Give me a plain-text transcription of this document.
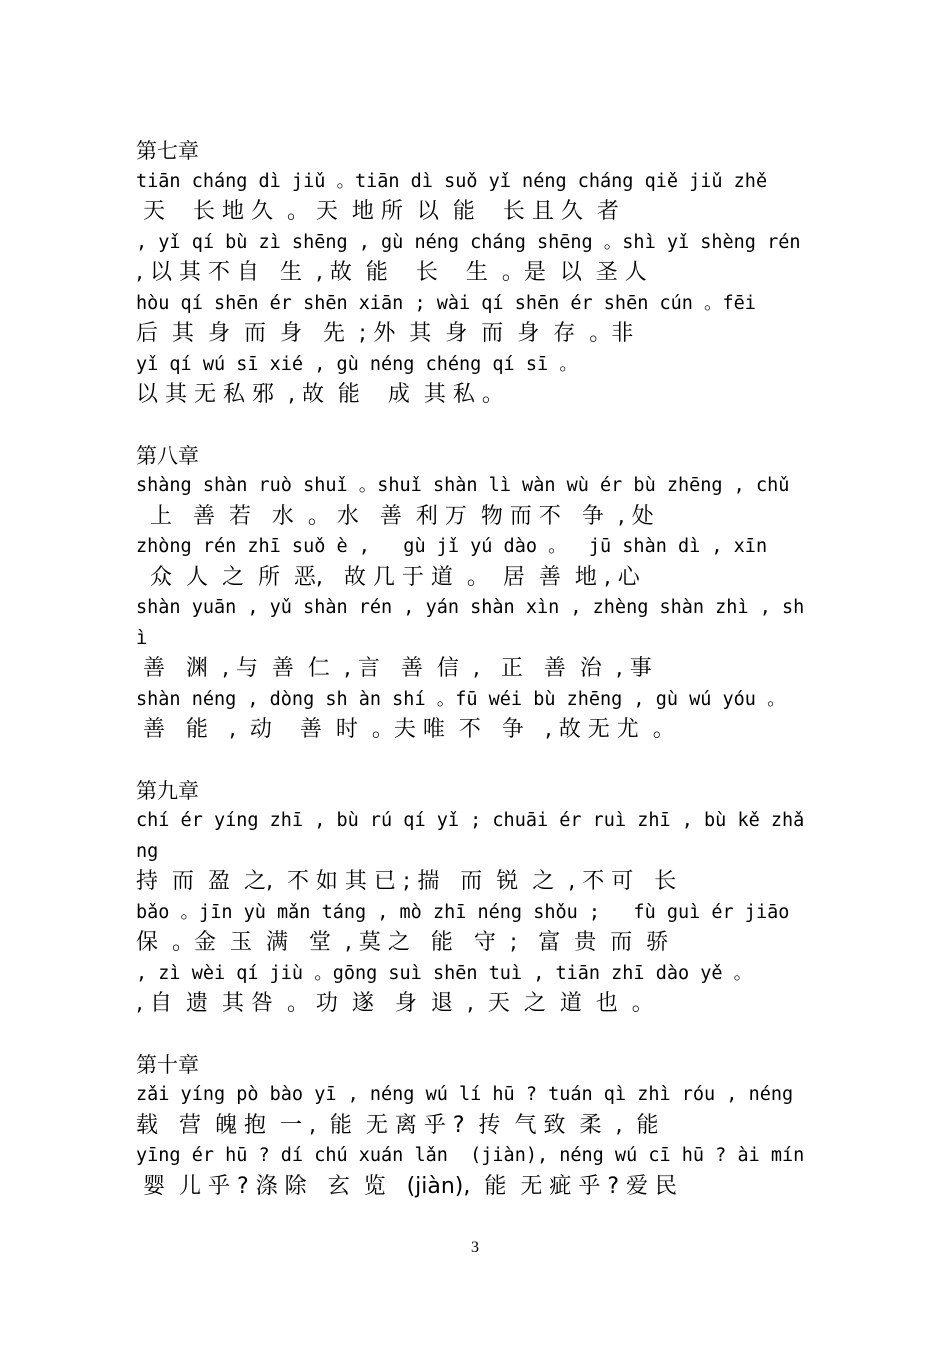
第七章
tiān cháng dì jiǔ 。tiān dì suǒ yǐ néng cháng qiě jiǔ zhě
天    长 地 久  。 天  地 所  以  能    长 且 久  者
, yǐ qí bù zì shēng , gù néng cháng shēng 。shì yǐ shèng rén
, 以 其 不 自   生  , 故  能    长    生  。是  以  圣 人
hòu qí shēn ér shēn xiān ; wài qí shēn ér shēn cún 。fēi
后  其  身  而  身   先  ; 外  其  身  而  身  存  。非
yǐ qí wú sī xié , gù néng chéng qí sī 。
以 其 无 私 邪  , 故  能    成  其 私 。
第八章
shàng shàn ruò shuǐ 。shuǐ shàn lì wàn wù ér bù zhēng , chǔ
上   善  若   水  。 水   善  利 万  物 而 不   争  , 处
zhòng rén zhī suǒ è ,   gù jǐ yú dào 。  jū shàn dì , xīn
众  人  之  所  恶,   故 几 于 道  。  居  善  地 , 心
shàn yuān , yǔ shàn rén , yán shàn xìn , zhèng shàn zhì , sh
ì
善   渊  , 与  善  仁  , 言   善  信  ,   正   善  治  , 事
shàn néng , dòng sh àn shí 。fū wéi bù zhēng , gù wú yóu 。
善   能   ,  动    善  时  。夫 唯  不   争   , 故 无 尤  。
第九章
chí ér yíng zhī , bù rú qí yǐ ; chuāi ér ruì zhī , bù kě zhǎ
ng
持  而  盈  之,  不 如 其 已 ; 揣   而  锐  之  , 不 可   长
bǎo 。jīn yù mǎn táng , mò zhī néng shǒu ;   fù guì ér jiāo
保  。金  玉  满   堂  , 莫 之   能   守  ;   富  贵  而  骄
, zì wèi qí jiù 。gōng suì shēn tuì , tiān zhī dào yě 。
, 自  遗  其 咎  。 功  遂   身  退  ,  天  之  道  也  。
第十章
zǎi yíng pò bào yī , néng wú lí hū ? tuán qì zhì róu , néng
载   营  魄 抱  一 ,  能  无 离 乎 ?  抟  气 致  柔  ,  能
yīng ér hū ? dí chú xuán lǎn  (jiàn), néng wú cī hū ? ài mín
婴  儿 乎 ? 涤 除   玄  览   (jiàn),  能  无 疵 乎 ? 爱 民
3
